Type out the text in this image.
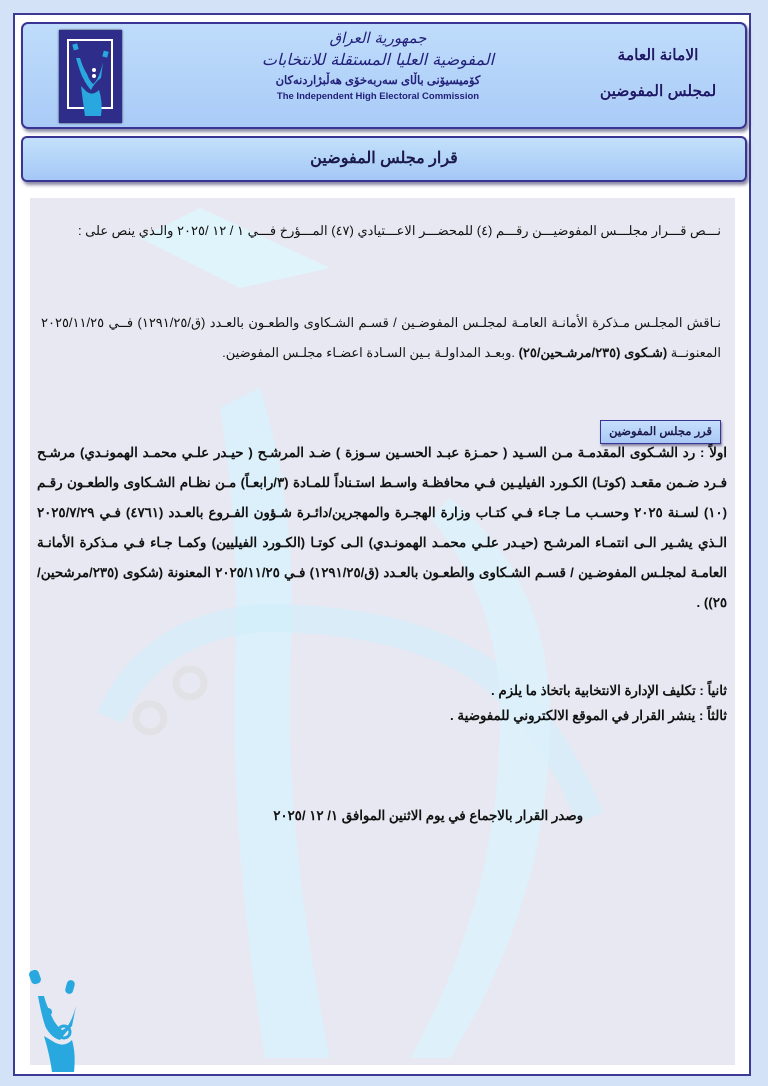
جمهورية العراق
المفوضية العليا المستقلة للانتخابات
كۆمیسیۆنی باڵای سەربەخۆی هەڵبژاردنەکان
The Independent High Electoral Commission
الامانة العامة
لمجلس المفوضين
قرار مجلس المفوضين
نـــص قـــرار مجلـــس المفوضيـــن رقـــم (٤) للمحضـــر الاعـــتيادي (٤٧) المـــؤرخ فـــي ١ / ١٢ /٢٠٢٥ والـذي ينص على :
نـاقش المجلـس مـذكرة الأمانـة العامـة لمجلـس المفوضـين / قسـم الشـكاوى والطعـون بالعـدد (ق/١٢٩١/٢٥) فــي ٢٠٢٥/١١/٢٥ المعنونــة (شـكوى (٢٣٥/مرشـحين/٢٥) .وبعـد المداولـة بـين السـادة اعضـاء مجلـس المفوضين.
قرر مجلس المفوضين
اولاً : رد الشـكوى المقدمـة مـن السـيد ( حمـزة عبـد الحسـين سـوزة ) ضـد المرشـح ( حيـدر علـي محمـد الهمونـدي) مرشـح فـرد ضـمن مقعـد (كوتـا) الكـورد الفيليـين فـي محافظـة واسـط استـناداً للمـادة (٣/رابعـاً) مـن نظـام الشـكاوى والطعـون رقـم (١٠) لسـنة ٢٠٢٥ وحسـب مـا جـاء فـي كتـاب وزارة الهجـرة والمهجرين/دائـرة شـؤون الفـروع بالعـدد (٤٧٦١) فـي ٢٠٢٥/٧/٢٩ الـذي يشـير الـى انتمـاء المرشـح (حيـدر علـي محمـد الهمونـدي) الـى كوتـا (الكـورد الفيليين) وكمـا جـاء فـي مـذكرة الأمانـة العامـة لمجلـس المفوضـين / قسـم الشـكاوى والطعـون بالعـدد (ق/١٢٩١/٢٥) فـي ٢٠٢٥/١١/٢٥ المعنونة (شكوى (٢٣٥/مرشحين/٢٥)) .
ثانياً : تكليف الإدارة الانتخابية باتخاذ ما يلزم .
ثالثاً : ينشر القرار في الموقع الالكتروني للمفوضية .
وصدر القرار بالاجماع في يوم الاثنين الموافق ١/ ١٢ /٢٠٢٥
